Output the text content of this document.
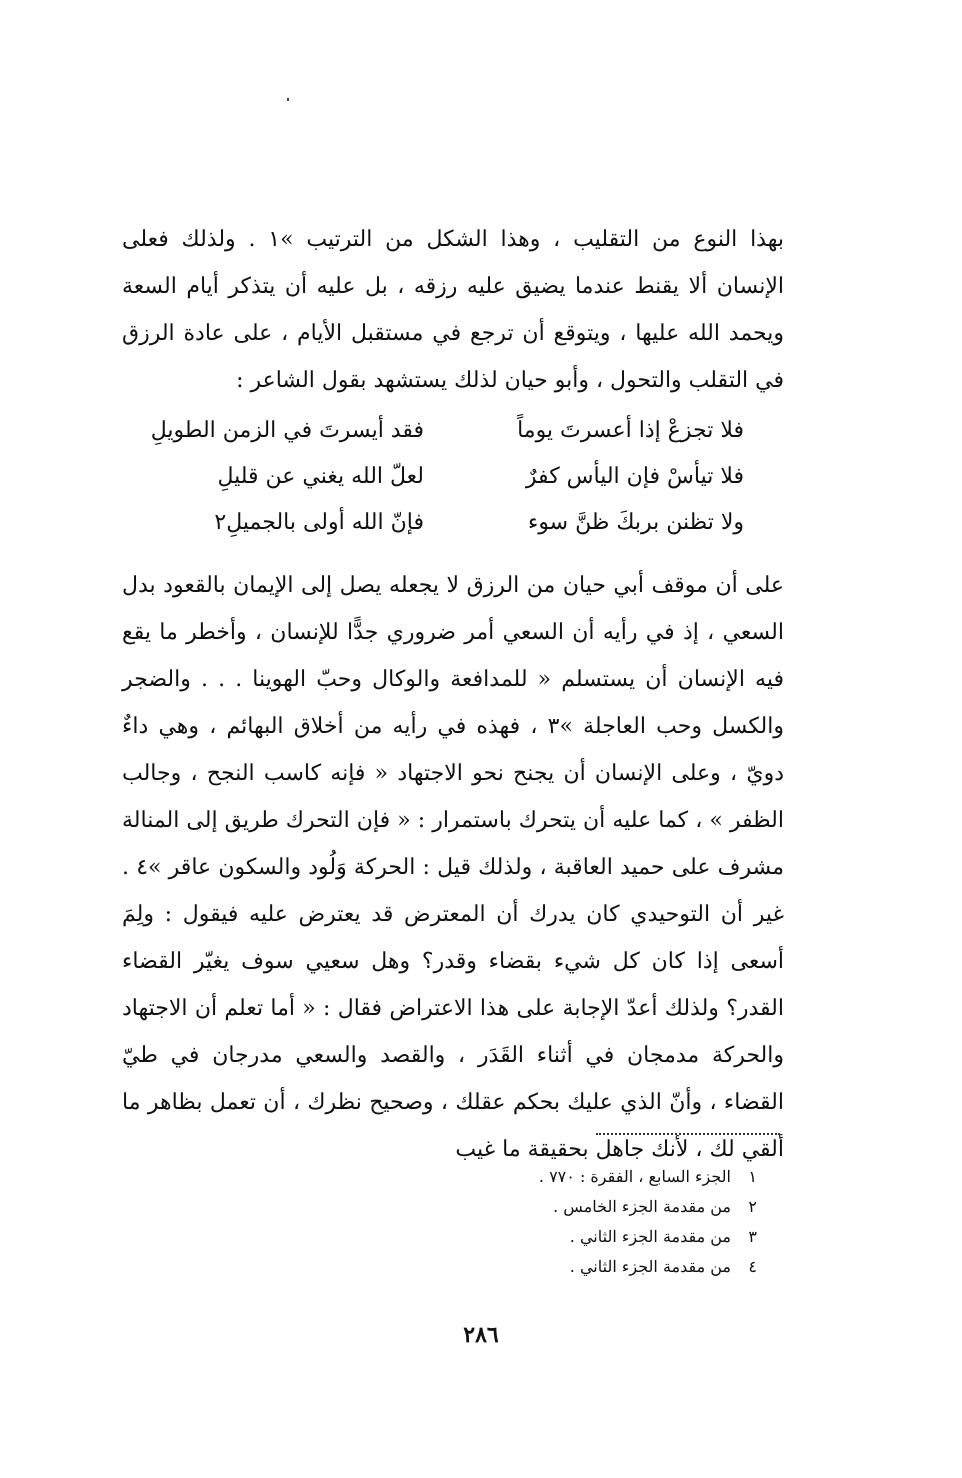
بهذا النوع من التقليب ، وهذا الشكل من الترتيب »١ . ولذلك فعلى الإنسان ألا يقنط عندما يضيق عليه رزقه ، بل عليه أن يتذكر أيام السعة ويحمد الله عليها ، ويتوقع أن ترجع في مستقبل الأيام ، على عادة الرزق في التقلب والتحول ، وأبو حيان لذلك يستشهد بقول الشاعر :

فلا تجزعْ إذا أعسرتَ يوماً
فقد أيسرتَ في الزمن الطويلِ
فلا تيأسْ فإن اليأس كفرٌ
لعلّ الله يغني عن قليلِ
ولا تظنن بربكَ ظنَّ سوء
فإنّ الله أولى بالجميلِ٢

على أن موقف أبي حيان من الرزق لا يجعله يصل إلى الإيمان بالقعود بدل السعي ، إذ في رأيه أن السعي أمر ضروري جدًّا للإنسان ، وأخطر ما يقع فيه الإنسان أن يستسلم « للمدافعة والوكال وحبّ الهوينا . . . والضجر والكسل وحب العاجلة »٣ ، فهذه في رأيه من أخلاق البهائم ، وهي داءٌ دويّ ، وعلى الإنسان أن يجنح نحو الاجتهاد « فإنه كاسب النجح ، وجالب الظفر » ، كما عليه أن يتحرك باستمرار : « فإن التحرك طريق إلى المنالة مشرف على حميد العاقبة ، ولذلك قيل : الحركة وَلُود والسكون عاقر »٤ . غير أن التوحيدي كان يدرك أن المعترض قد يعترض عليه فيقول : ولِمَ أسعى إذا كان كل شيء بقضاء وقدر؟ وهل سعيي سوف يغيّر القضاء القدر؟ ولذلك أعدّ الإجابة على هذا الاعتراض فقال : « أما تعلم أن الاجتهاد والحركة مدمجان في أثناء القَدَر ، والقصد والسعي مدرجان في طيّ القضاء ، وأنّ الذي عليك بحكم عقلك ، وصحيح نظرك ، أن تعمل بظاهر ما ألقي لك ، لأنك جاهل بحقيقة ما غيب

١
الجزء السابع ، الفقرة : ٧٧٠ .
٢
من مقدمة الجزء الخامس .
٣
من مقدمة الجزء الثاني .
٤
من مقدمة الجزء الثاني .
٢٨٦
